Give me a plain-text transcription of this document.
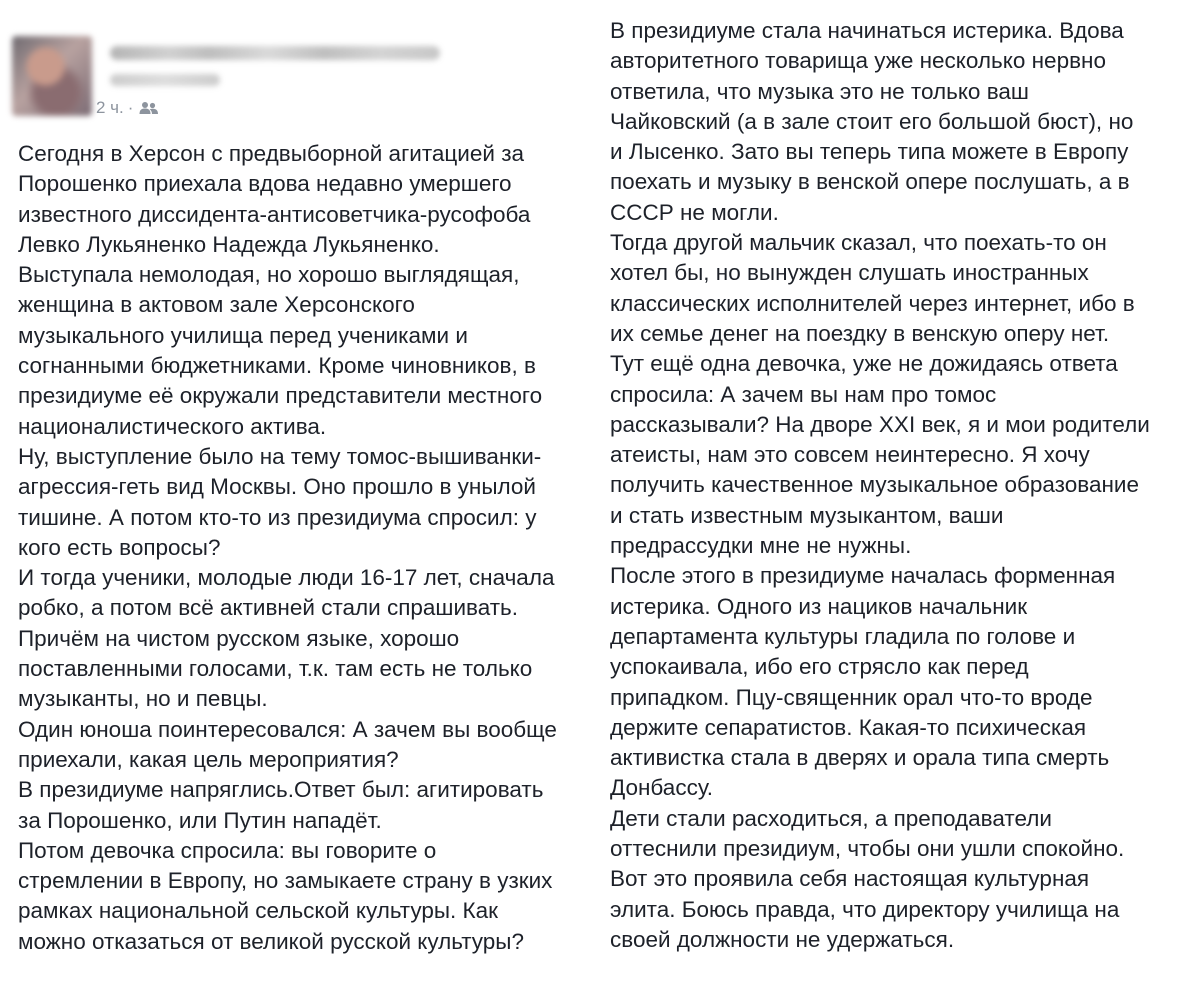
2 ч. ·
Сегодня в Херсон с предвыборной агитацией за
Порошенко приехала вдова недавно умершего
известного диссидента-антисоветчика-русофоба
Левко Лукьяненко Надежда Лукьяненко.
Выступала немолодая, но хорошо выглядящая,
женщина в актовом зале Херсонского
музыкального училища перед учениками и
согнанными бюджетниками. Кроме чиновников, в
президиуме её окружали представители местного
националистического актива.
Ну, выступление было на тему томос-вышиванки-
агрессия-геть вид Москвы. Оно прошло в унылой
тишине. А потом кто-то из президиума спросил: у
кого есть вопросы?
И тогда ученики, молодые люди 16-17 лет, сначала
робко, а потом всё активней стали спрашивать.
Причём на чистом русском языке, хорошо
поставленными голосами, т.к. там есть не только
музыканты, но и певцы.
Один юноша поинтересовался: А зачем вы вообще
приехали, какая цель мероприятия?
В президиуме напряглись.Ответ был: агитировать
за Порошенко, или Путин нападёт.
Потом девочка спросила: вы говорите о
стремлении в Европу, но замыкаете страну в узких
рамках национальной сельской культуры. Как
можно отказаться от великой русской культуры?
В президиуме стала начинаться истерика. Вдова
авторитетного товарища уже несколько нервно
ответила, что музыка это не только ваш
Чайковский (а в зале стоит его большой бюст), но
и Лысенко. Зато вы теперь типа можете в Европу
поехать и музыку в венской опере послушать, а в
СССР не могли.
Тогда другой мальчик сказал, что поехать-то он
хотел бы, но вынужден слушать иностранных
классических исполнителей через интернет, ибо в
их семье денег на поездку в венскую оперу нет.
Тут ещё одна девочка, уже не дожидаясь ответа
спросила: А зачем вы нам про томос
рассказывали? На дворе XXI век, я и мои родители
атеисты, нам это совсем неинтересно. Я хочу
получить качественное музыкальное образование
и стать известным музыкантом, ваши
предрассудки мне не нужны.
После этого в президиуме началась форменная
истерика. Одного из нациков начальник
департамента культуры гладила по голове и
успокаивала, ибо его стрясло как перед
припадком. Пцу-священник орал что-то вроде
держите сепаратистов. Какая-то психическая
активистка стала в дверях и орала типа смерть
Донбассу.
Дети стали расходиться, а преподаватели
оттеснили президиум, чтобы они ушли спокойно.
Вот это проявила себя настоящая культурная
элита. Боюсь правда, что директору училища на
своей должности не удержаться.
